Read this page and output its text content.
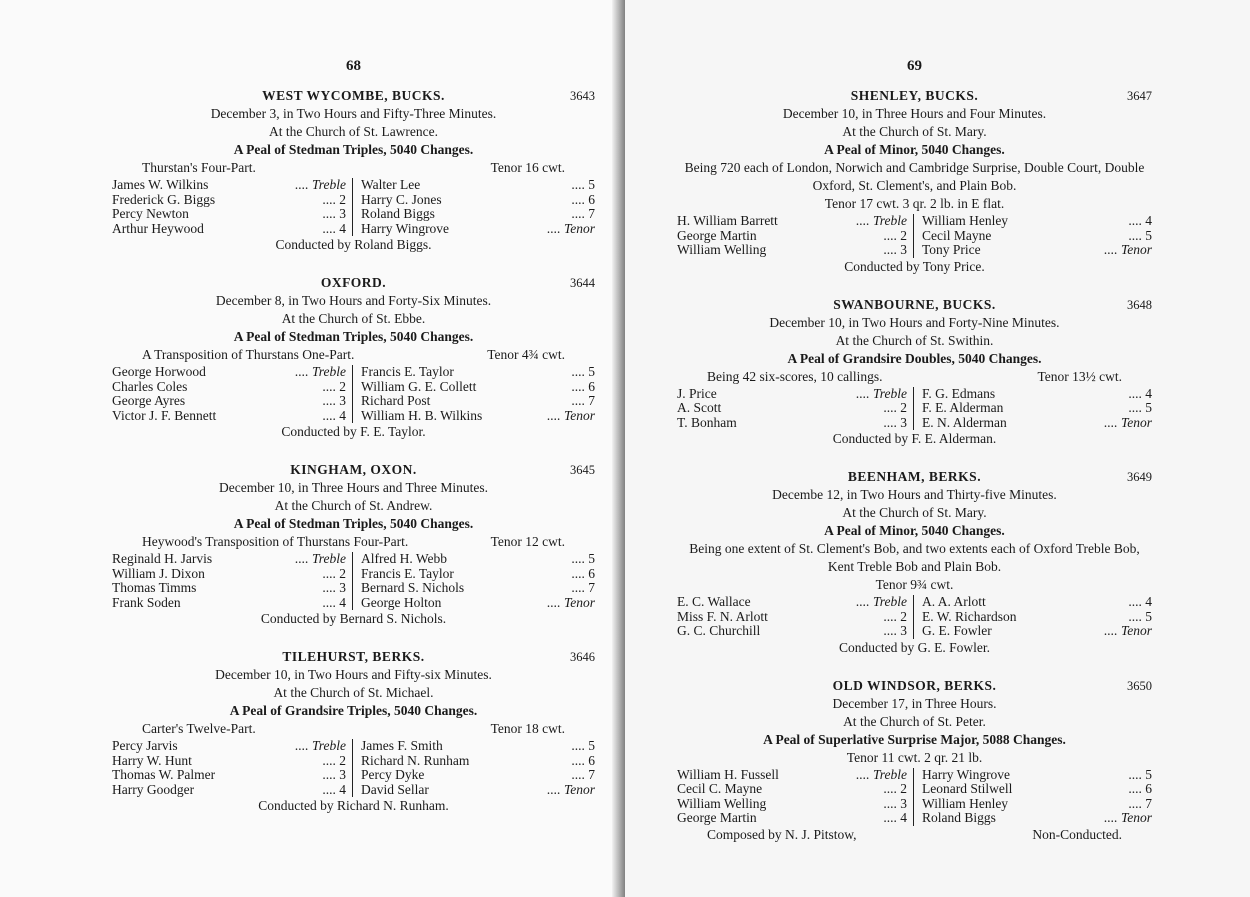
68
WEST WYCOMBE, BUCKS.	3643
December 3, in Two Hours and Fifty-Three Minutes.
At the Church of St. Lawrence.
A Peal of Stedman Triples, 5040 Changes.
Thurstan's Four-Part.	Tenor 16 cwt.
James W. Wilkins	.... Treble
Frederick G. Biggs	.... 2
Percy Newton	.... 3
Arthur Heywood	.... 4
Walter Lee	.... 5
Harry C. Jones	.... 6
Roland Biggs	.... 7
Harry Wingrove	.... Tenor
Conducted by Roland Biggs.
OXFORD.	3644
December 8, in Two Hours and Forty-Six Minutes.
At the Church of St. Ebbe.
A Peal of Stedman Triples, 5040 Changes.
A Transposition of Thurstans One-Part.	Tenor 4¾ cwt.
George Horwood	.... Treble
Charles Coles	.... 2
George Ayres	.... 3
Victor J. F. Bennett	.... 4
Francis E. Taylor	.... 5
William G. E. Collett	.... 6
Richard Post	.... 7
William H. B. Wilkins	.... Tenor
Conducted by F. E. Taylor.
KINGHAM, OXON.	3645
December 10, in Three Hours and Three Minutes.
At the Church of St. Andrew.
A Peal of Stedman Triples, 5040 Changes.
Heywood's Transposition of Thurstans Four-Part.	Tenor 12 cwt.
Reginald H. Jarvis	.... Treble
William J. Dixon	.... 2
Thomas Timms	.... 3
Frank Soden	.... 4
Alfred H. Webb	.... 5
Francis E. Taylor	.... 6
Bernard S. Nichols	.... 7
George Holton	.... Tenor
Conducted by Bernard S. Nichols.
TILEHURST, BERKS.	3646
December 10, in Two Hours and Fifty-six Minutes.
At the Church of St. Michael.
A Peal of Grandsire Triples, 5040 Changes.
Carter's Twelve-Part.	Tenor 18 cwt.
Percy Jarvis	.... Treble
Harry W. Hunt	.... 2
Thomas W. Palmer	.... 3
Harry Goodger	.... 4
James F. Smith	.... 5
Richard N. Runham	.... 6
Percy Dyke	.... 7
David Sellar	.... Tenor
Conducted by Richard N. Runham.
69
SHENLEY, BUCKS.	3647
December 10, in Three Hours and Four Minutes.
At the Church of St. Mary.
A Peal of Minor, 5040 Changes.
Being 720 each of London, Norwich and Cambridge Surprise, Double Court, Double Oxford, St. Clement's, and Plain Bob.
Tenor 17 cwt. 3 qr. 2 lb. in E flat.
H. William Barrett	.... Treble
George Martin	.... 2
William Welling	.... 3
William Henley	.... 4
Cecil Mayne	.... 5
Tony Price	.... Tenor
Conducted by Tony Price.
SWANBOURNE, BUCKS.	3648
December 10, in Two Hours and Forty-Nine Minutes.
At the Church of St. Swithin.
A Peal of Grandsire Doubles, 5040 Changes.
Being 42 six-scores, 10 callings.	Tenor 13½ cwt.
J. Price	.... Treble
A. Scott	.... 2
T. Bonham	.... 3
F. G. Edmans	.... 4
F. E. Alderman	.... 5
E. N. Alderman	.... Tenor
Conducted by F. E. Alderman.
BEENHAM, BERKS.	3649
Decembe 12, in Two Hours and Thirty-five Minutes.
At the Church of St. Mary.
A Peal of Minor, 5040 Changes.
Being one extent of St. Clement's Bob, and two extents each of Oxford Treble Bob, Kent Treble Bob and Plain Bob.
Tenor 9¾ cwt.
E. C. Wallace	.... Treble
Miss F. N. Arlott	.... 2
G. C. Churchill	.... 3
A. A. Arlott	.... 4
E. W. Richardson	.... 5
G. E. Fowler	.... Tenor
Conducted by G. E. Fowler.
OLD WINDSOR, BERKS.	3650
December 17, in Three Hours.
At the Church of St. Peter.
A Peal of Superlative Surprise Major, 5088 Changes.
Tenor 11 cwt. 2 qr. 21 lb.
William H. Fussell	.... Treble
Cecil C. Mayne	.... 2
William Welling	.... 3
George Martin	.... 4
Harry Wingrove	.... 5
Leonard Stilwell	.... 6
William Henley	.... 7
Roland Biggs	.... Tenor
Composed by N. J. Pitstow,	Non-Conducted.
